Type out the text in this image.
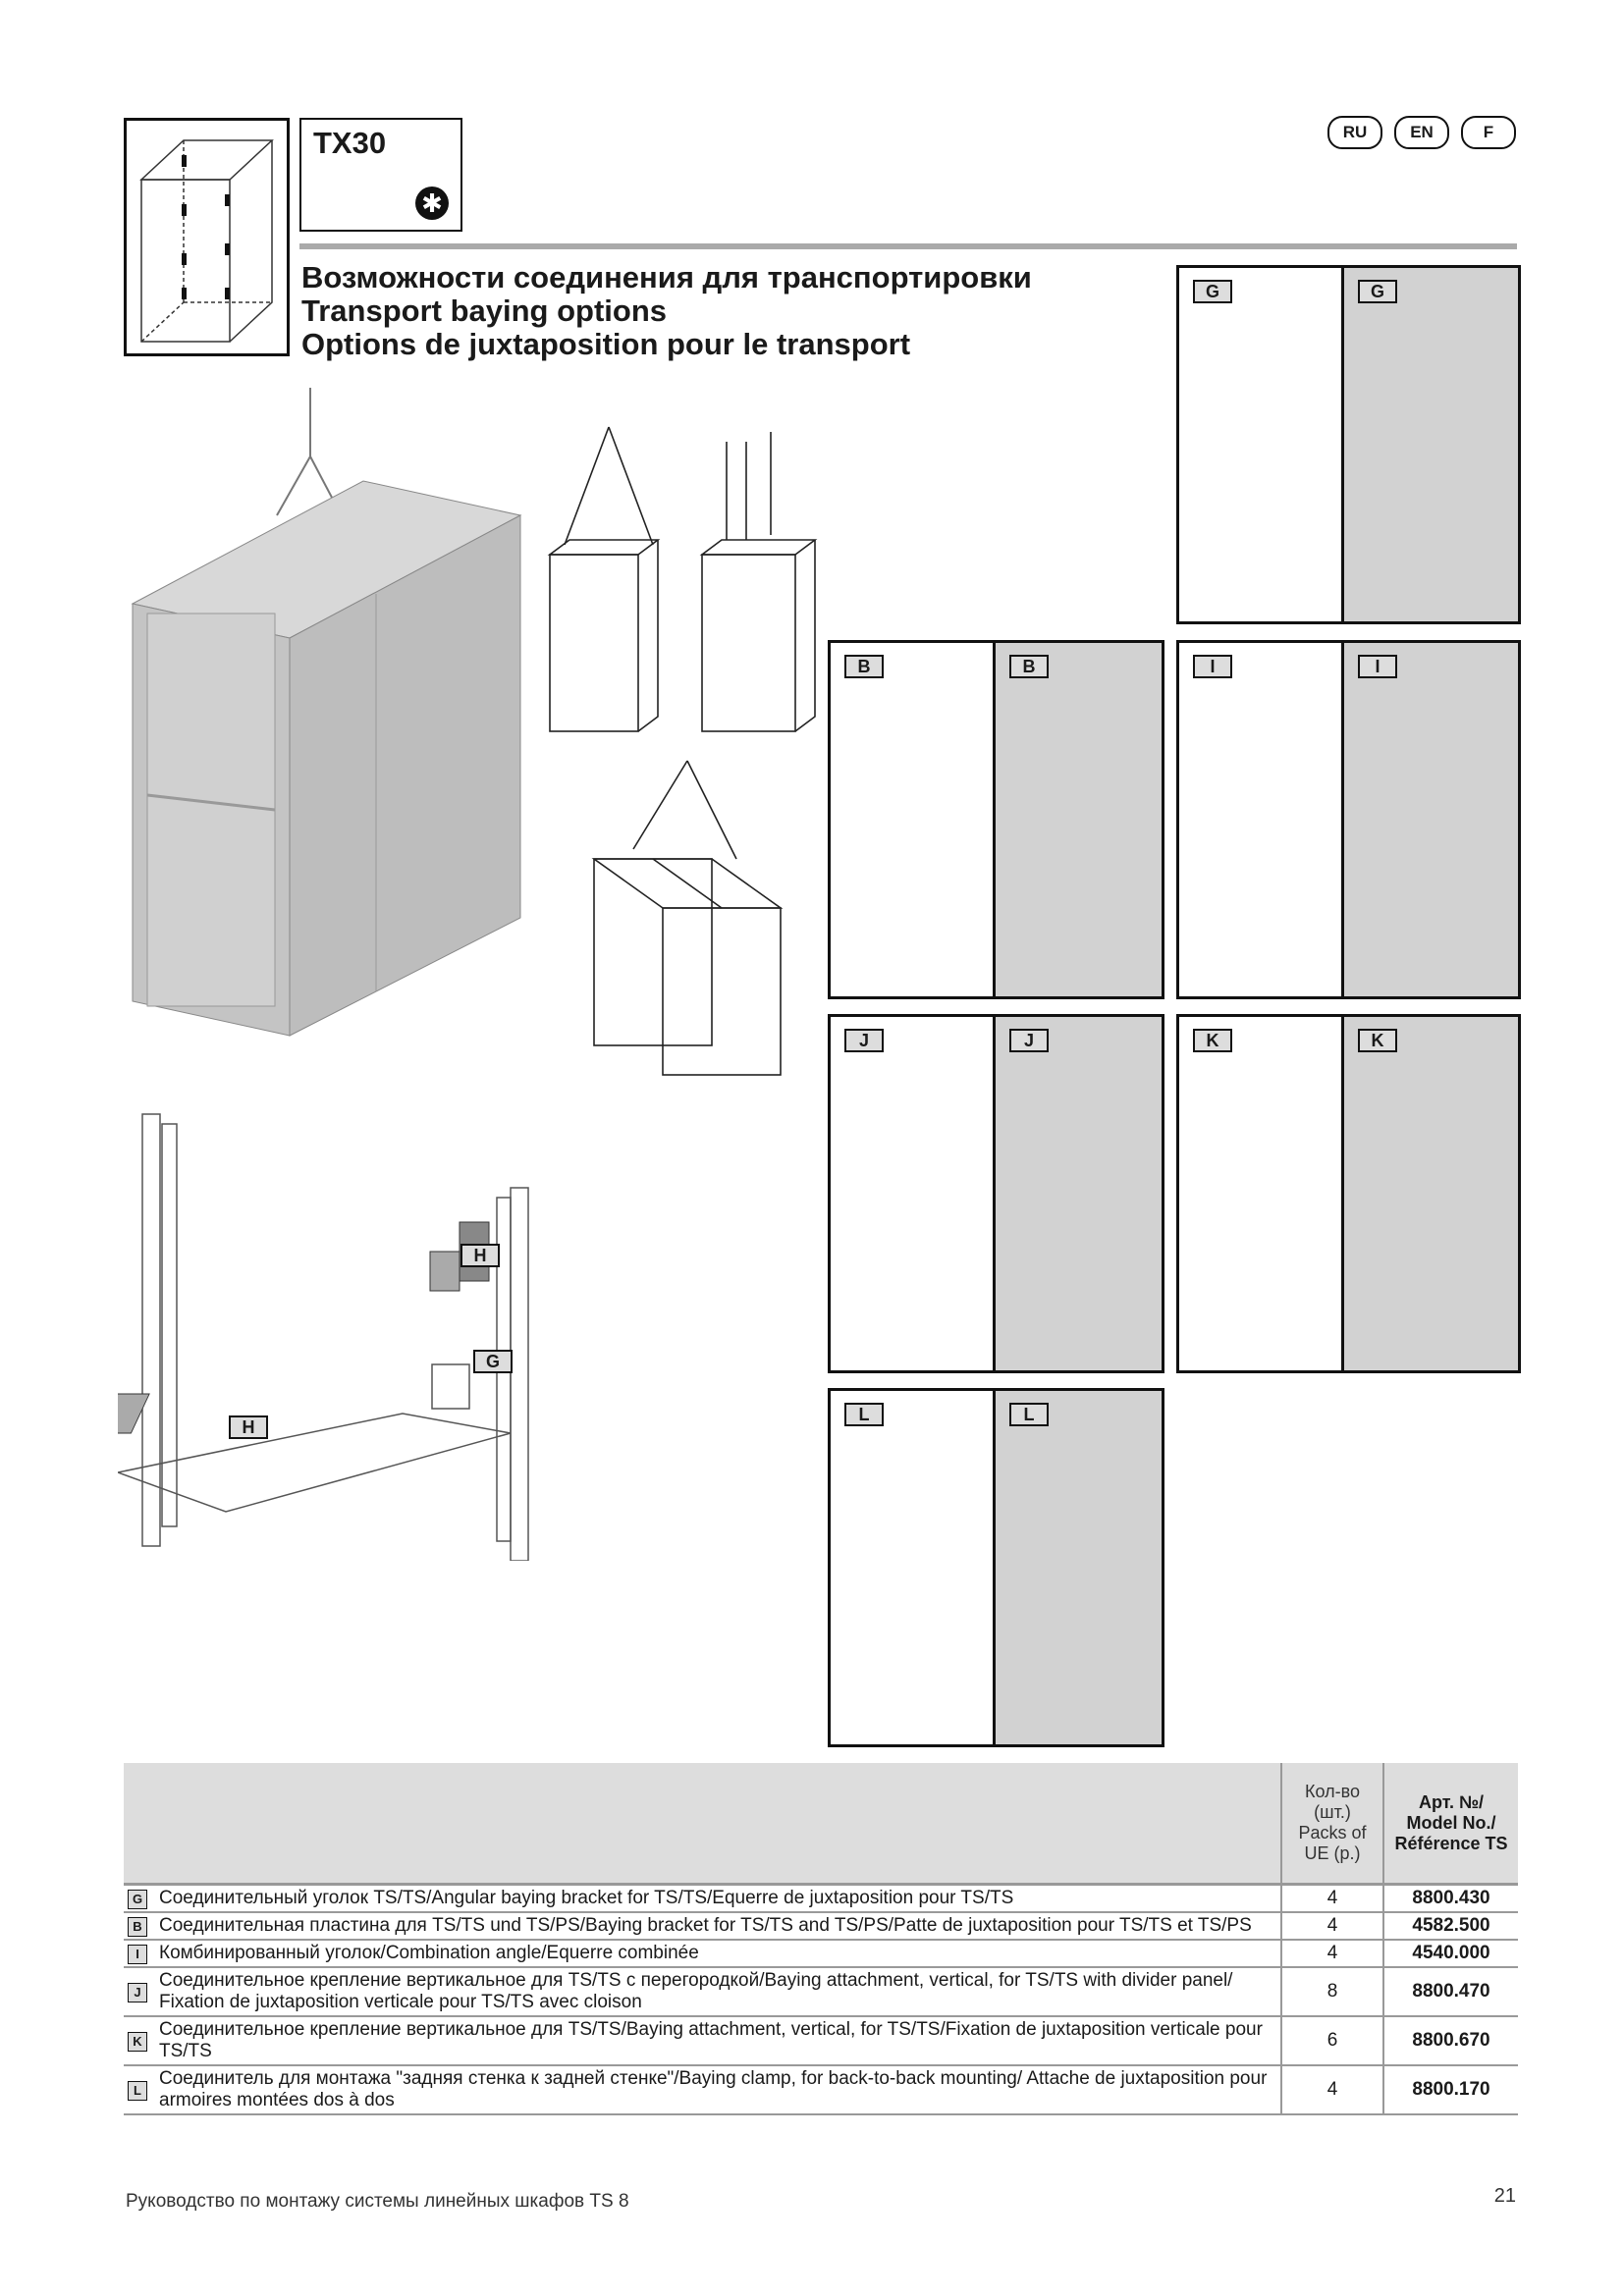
TX30
✱
RU	EN	F
Возможности соединения для транспортировки
Transport baying options
Options de juxtaposition pour le transport
H
G
H
G	G
B	B	I	I
J	J	K	K
L	L
		Кол-во (шт.) Packs of UE (p.)	Арт. №/ Model No./ Référence TS
G	Соединительный уголок TS/TS/Angular baying bracket for TS/TS/Equerre de juxtaposition pour TS/TS	4	8800.430
B	Соединительная пластина для TS/TS und TS/PS/Baying bracket for TS/TS and TS/PS/Patte de juxtaposition pour TS/TS et TS/PS	4	4582.500
I	Комбинированный уголок/Combination angle/Equerre combinée	4	4540.000
J	Соединительное крепление вертикальное для TS/TS с перегородкой/Baying attachment, vertical, for TS/TS with divider panel/ Fixation de juxtaposition verticale pour TS/TS avec cloison	8	8800.470
K	Соединительное крепление вертикальное для TS/TS/Baying attachment, vertical, for TS/TS/Fixation de juxtaposition verticale pour TS/TS	6	8800.670
L	Соединитель для монтажа "задняя стенка к задней стенке"/Baying clamp, for back-to-back mounting/ Attache de juxtaposition pour armoires montées dos à dos	4	8800.170
Руководство по монтажу системы линейных шкафов TS 8	21
